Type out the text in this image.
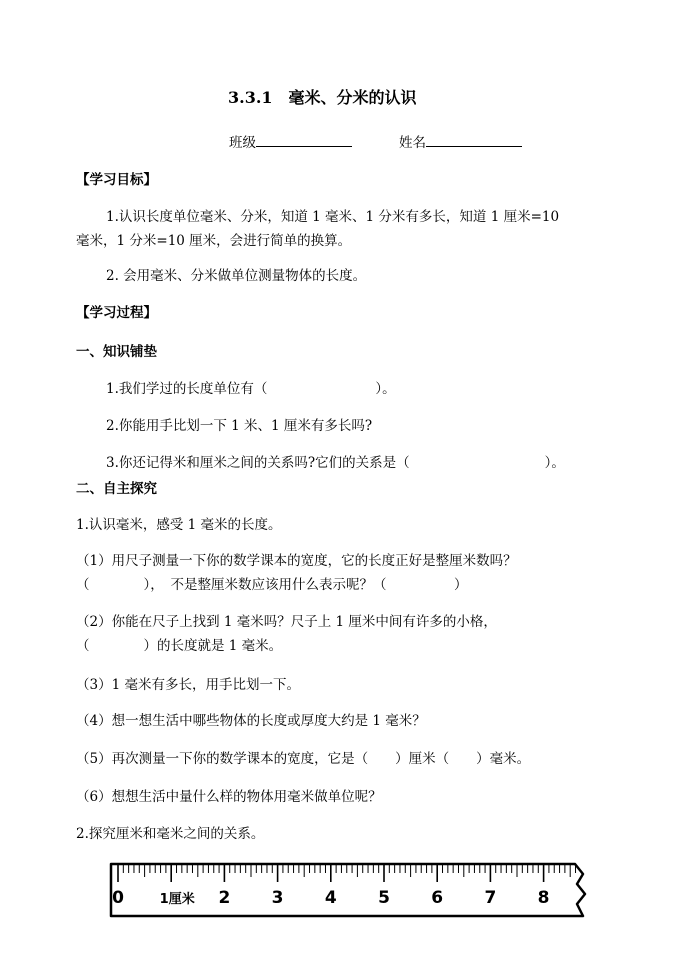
3.3.1　毫米、分米的认识
班级	姓名
【学习目标】
1.认识长度单位毫米、分米，知道 1 毫米、1 分米有多长，知道 1 厘米=10
毫米，1 分米=10 厘米，会进行简单的换算。
2. 会用毫米、分米做单位测量物体的长度。
【学习过程】
一、知识铺垫
1.我们学过的长度单位有（　　　　　　　　）。
2.你能用手比划一下 1 米、1 厘米有多长吗?
3.你还记得米和厘米之间的关系吗?它们的关系是（　　　　　　　　　　）。
二、自主探究
1.认识毫米，感受 1 毫米的长度。
（1）用尺子测量一下你的数学课本的宽度，它的长度正好是整厘米数吗？
（　　　　），　不是整厘米数应该用什么表示呢？（　　　　　）
（2）你能在尺子上找到 1 毫米吗？尺子上 1 厘米中间有许多的小格，
（　　　　）的长度就是 1 毫米。
（3）1 毫米有多长，用手比划一下。
（4）想一想生活中哪些物体的长度或厚度大约是 1 毫米？
（5）再次测量一下你的数学课本的宽度，它是（　　）厘米（　　）毫米。
（6）想想生活中量什么样的物体用毫米做单位呢？
2.探究厘米和毫米之间的关系。
0	1厘米 2 3 4 5 6 7 8
